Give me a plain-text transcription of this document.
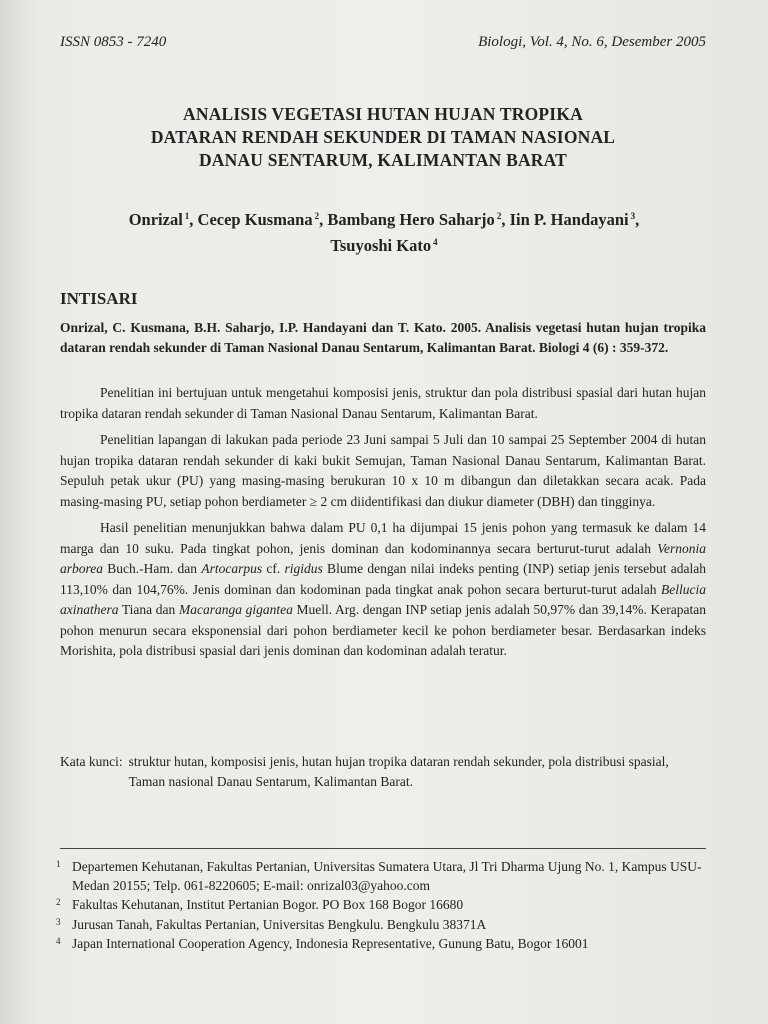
ISSN 0853 - 7240	Biologi, Vol. 4, No. 6, Desember 2005
ANALISIS VEGETASI HUTAN HUJAN TROPIKA
DATARAN RENDAH SEKUNDER DI TAMAN NASIONAL
DANAU SENTARUM, KALIMANTAN BARAT
Onrizal $^1$, Cecep Kusmana $^2$, Bambang Hero Saharjo $^2$, Iin P. Handayani $^3$,
Tsuyoshi Kato $^4$
INTISARI
Onrizal, C. Kusmana, B.H. Saharjo, I.P. Handayani dan T. Kato. 2005. Analisis vegetasi hutan hujan tropika dataran rendah sekunder di Taman Nasional Danau Sentarum, Kalimantan Barat. Biologi 4 (6) : 359-372.

Penelitian ini bertujuan untuk mengetahui komposisi jenis, struktur dan pola distribusi spasial dari hutan hujan tropika dataran rendah sekunder di Taman Nasional Danau Sentarum, Kalimantan Barat.

Penelitian lapangan di lakukan pada periode 23 Juni sampai 5 Juli dan 10 sampai 25 September 2004 di hutan hujan tropika dataran rendah sekunder di kaki bukit Semujan, Taman Nasional Danau Sentarum, Kalimantan Barat. Sepuluh petak ukur (PU) yang masing-masing berukuran 10 x 10 m dibangun dan diletakkan secara acak. Pada masing-masing PU, setiap pohon berdiameter ≥ 2 cm diidentifikasi dan diukur diameter (DBH) dan tingginya.

Hasil penelitian menunjukkan bahwa dalam PU 0,1 ha dijumpai 15 jenis pohon yang termasuk ke dalam 14 marga dan 10 suku. Pada tingkat pohon, jenis dominan dan kodominannya secara berturut-turut adalah Vernonia arborea Buch.-Ham. dan Artocarpus cf. rigidus Blume dengan nilai indeks penting (INP) setiap jenis tersebut adalah 113,10% dan 104,76%. Jenis dominan dan kodominan pada tingkat anak pohon secara berturut-turut adalah Bellucia axinathera Tiana dan Macaranga gigantea Muell. Arg. dengan INP setiap jenis adalah 50,97% dan 39,14%. Kerapatan pohon menurun secara eksponensial dari pohon berdiameter kecil ke pohon berdiameter besar. Berdasarkan indeks Morishita, pola distribusi spasial dari jenis dominan dan kodominan adalah teratur.

Kata kunci: struktur hutan, komposisi jenis, hutan hujan tropika dataran rendah sekunder, pola distribusi spasial, Taman nasional Danau Sentarum, Kalimantan Barat.
1 Departemen Kehutanan, Fakultas Pertanian, Universitas Sumatera Utara, Jl Tri Dharma Ujung No. 1, Kampus USU-Medan 20155; Telp. 061-8220605; E-mail: onrizal03@yahoo.com
2 Fakultas Kehutanan, Institut Pertanian Bogor. PO Box 168 Bogor 16680
3 Jurusan Tanah, Fakultas Pertanian, Universitas Bengkulu. Bengkulu 38371A
4 Japan International Cooperation Agency, Indonesia Representative, Gunung Batu, Bogor 16001
